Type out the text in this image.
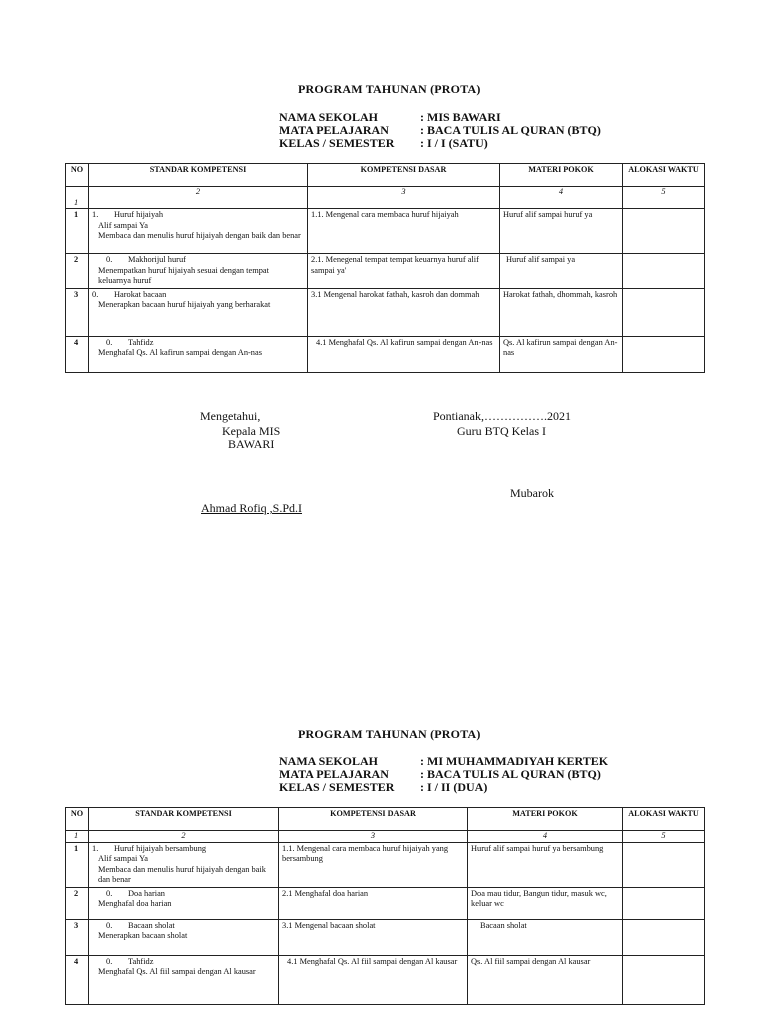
PROGRAM TAHUNAN (PROTA)
NAMA SEKOLAH	: MIS BAWARI
MATA PELAJARAN	: BACA TULIS AL QURAN (BTQ)
KELAS / SEMESTER : I / I (SATU)
NO	STANDAR KOMPETENSI	KOMPETENSI DASAR	MATERI POKOK	ALOKASI WAKTU
1	2	3	4	5
1	1. Huruf hijaiyah
Alif sampai Ya
Membaca dan menulis huruf hijaiyah dengan baik dan benar	1.1. Mengenal cara membaca huruf hijaiyah	Huruf alif sampai huruf ya	
2	0. Makhorijul huruf
Menempatkan huruf hijaiyah sesuai dengan tempat keluarnya huruf	2.1. Menegenal tempat tempat keuarnya huruf alif sampai ya'	Huruf alif sampai ya	
3	0. Harokat bacaan
Menerapkan bacaan huruf hijaiyah yang berharakat	3.1 Mengenal harokat fathah, kasroh dan dommah	Harokat fathah, dhommah, kasroh	
4	0. Tahfidz
Menghafal Qs. Al kafirun sampai dengan An-nas	4.1 Menghafal Qs. Al kafirun sampai dengan An-nas	Qs. Al kafirun sampai dengan An-nas	
Mengetahui,
Kepala MIS
BAWARI
Ahmad Rofiq ,S.Pd.I
Pontianak,…………….2021
Guru BTQ Kelas I
Mubarok
PROGRAM TAHUNAN (PROTA)
NAMA SEKOLAH	: MI MUHAMMADIYAH KERTEK
MATA PELAJARAN	: BACA TULIS AL QURAN (BTQ)
KELAS / SEMESTER : I / II (DUA)
NO	STANDAR KOMPETENSI	KOMPETENSI DASAR	MATERI POKOK	ALOKASI WAKTU
1	2	3	4	5
1	1. Huruf hijaiyah bersambung
Alif sampai Ya
Membaca dan menulis huruf hijaiyah dengan baik dan benar	1.1. Mengenal cara membaca huruf hijaiyah yang bersambung	Huruf alif sampai huruf ya bersambung	
2	0. Doa harian
Menghafal doa harian	2.1 Menghafal doa harian	Doa mau tidur, Bangun tidur, masuk wc, keluar wc	
3	0. Bacaan sholat
Menerapkan bacaan sholat	3.1 Mengenal bacaan sholat	Bacaan sholat	
4	0. Tahfidz
Menghafal Qs. Al fiil sampai dengan Al kausar	4.1 Menghafal Qs. Al fiil sampai dengan Al kausar	Qs. Al fiil sampai dengan Al kausar	
